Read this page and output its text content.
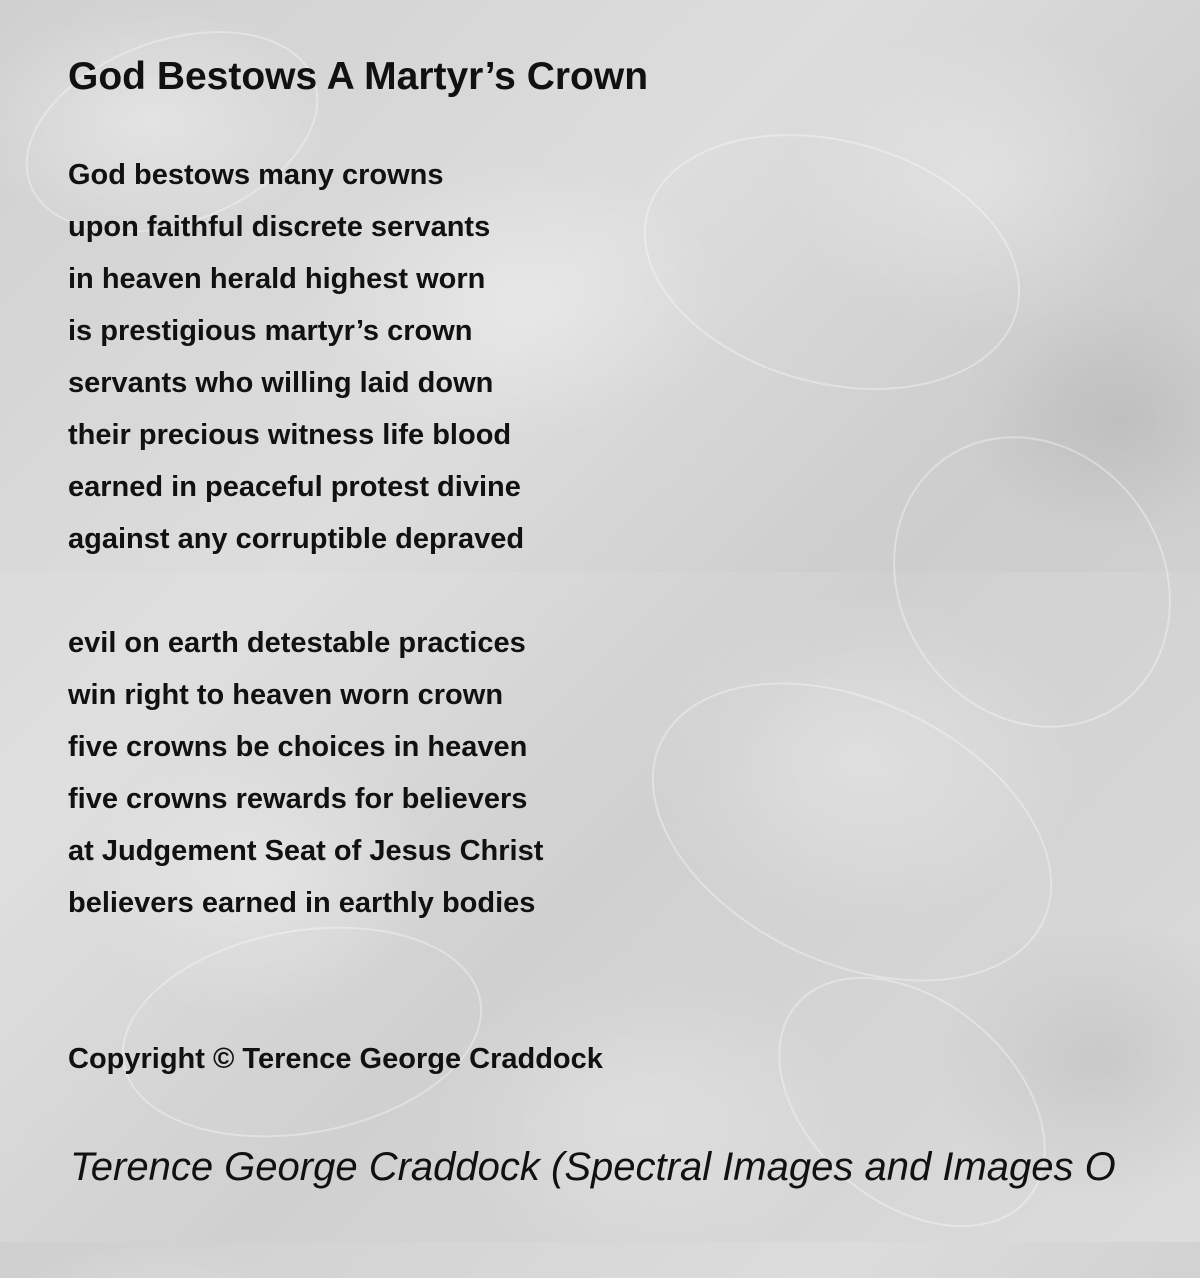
God Bestows A Martyr’s Crown
God bestows many crowns
upon faithful discrete servants
in heaven herald highest worn
is prestigious martyr’s crown
servants who willing laid down
their precious witness life blood
earned in peaceful protest divine
against any corruptible depraved
evil on earth detestable practices
win right to heaven worn crown
five crowns be choices in heaven
five crowns rewards for believers
at Judgement Seat of Jesus Christ
believers earned in earthly bodies
Copyright © Terence George Craddock
Terence George Craddock (Spectral Images and Images O
